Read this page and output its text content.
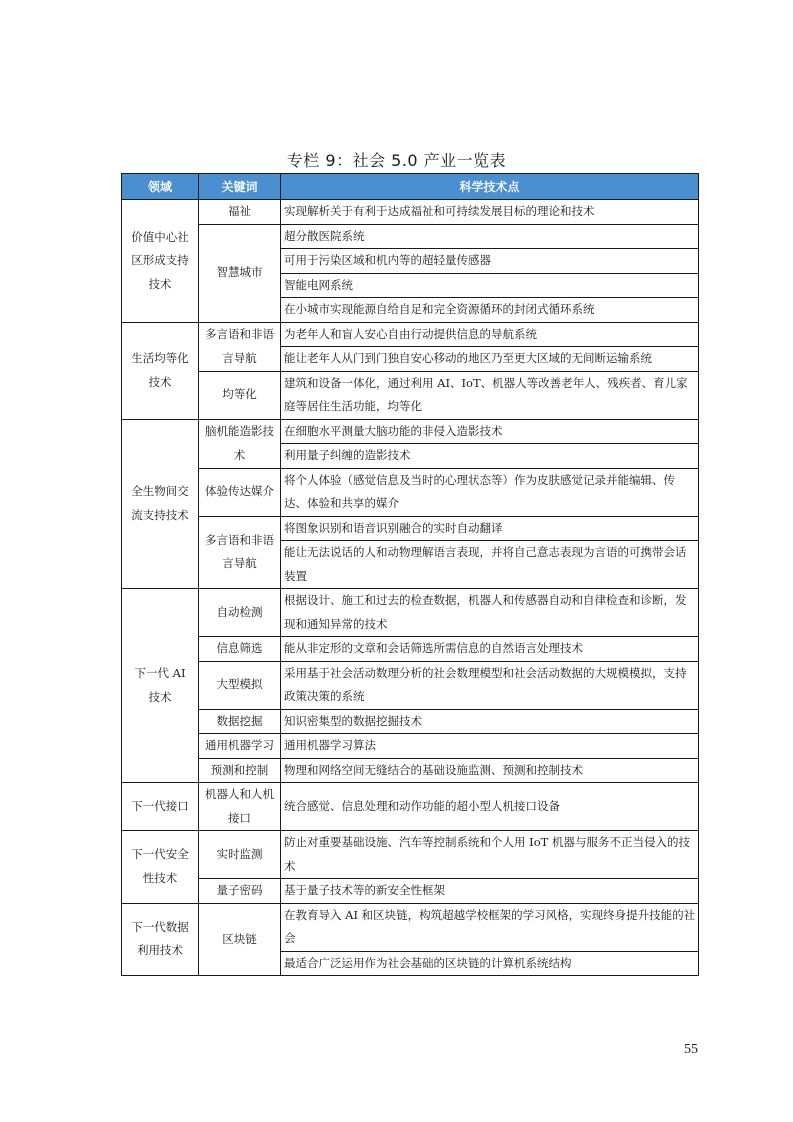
专栏 9：社会 5.0 产业一览表
领域	关键词	科学技术点
价值中心社区形成支持技术	福祉	实现解析关于有利于达成福祉和可持续发展目标的理论和技术
	智慧城市	超分散医院系统
		可用于污染区域和机内等的超轻量传感器
		智能电网系统
		在小城市实现能源自给自足和完全资源循环的封闭式循环系统
生活均等化技术	多言语和非语言导航	为老年人和盲人安心自由行动提供信息的导航系统
		能让老年人从门到门独自安心移动的地区乃至更大区域的无间断运输系统
	均等化	建筑和设备一体化，通过利用 AI、IoT、机器人等改善老年人、残疾者、育儿家庭等居住生活功能，均等化
全生物间交流支持技术	脑机能造影技术	在细胞水平测量大脑功能的非侵入造影技术
		利用量子纠缠的造影技术
	体验传达媒介	将个人体验（感觉信息及当时的心理状态等）作为皮肤感觉记录并能编辑、传达、体验和共享的媒介
	多言语和非语言导航	将图象识别和语音识别融合的实时自动翻译
		能让无法说话的人和动物理解语言表现，并将自己意志表现为言语的可携带会话装置
下一代 AI 技术	自动检测	根据设计、施工和过去的检查数据，机器人和传感器自动和自律检查和诊断，发现和通知异常的技术
	信息筛选	能从非定形的文章和会话筛选所需信息的自然语言处理技术
	大型模拟	采用基于社会活动数理分析的社会数理模型和社会活动数据的大规模模拟，支持政策决策的系统
	数据挖掘	知识密集型的数据挖掘技术
	通用机器学习	通用机器学习算法
	预测和控制	物理和网络空间无缝结合的基础设施监测、预测和控制技术
下一代接口	机器人和人机接口	统合感觉、信息处理和动作功能的超小型人机接口设备
下一代安全性技术	实时监测	防止对重要基础设施、汽车等控制系统和个人用 IoT 机器与服务不正当侵入的技术
	量子密码	基于量子技术等的新安全性框架
下一代数据利用技术	区块链	在教育导入 AI 和区块链，构筑超越学校框架的学习风格，实现终身提升技能的社会
		最适合广泛运用作为社会基础的区块链的计算机系统结构
55
